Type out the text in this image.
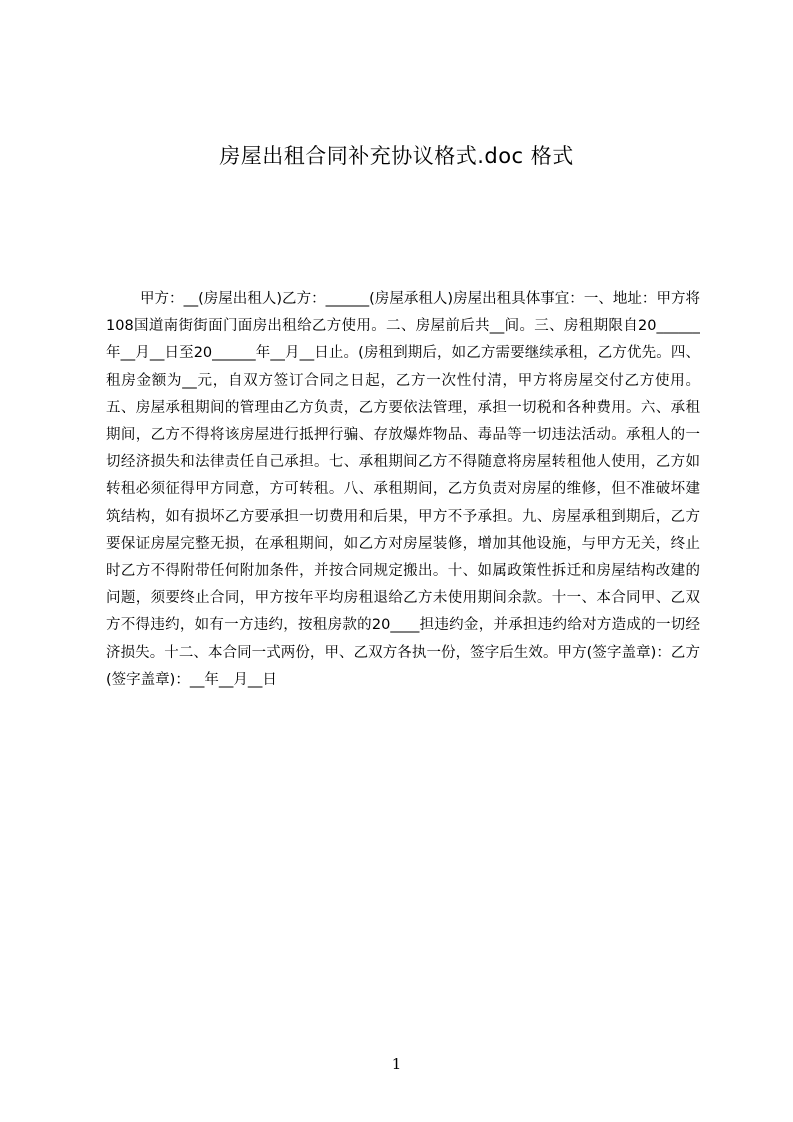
房屋出租合同补充协议格式.doc 格式

甲方：__(房屋出租人)乙方：______(房屋承租人)房屋出租具体事宜：一、地址：甲方将108国道南街街面门面房出租给乙方使用。二、房屋前后共__间。三、房租期限自20______年__月__日至20______年__月__日止。(房租到期后，如乙方需要继续承租，乙方优先。四、租房金额为__元，自双方签订合同之日起，乙方一次性付清，甲方将房屋交付乙方使用。五、房屋承租期间的管理由乙方负责，乙方要依法管理，承担一切税和各种费用。六、承租期间，乙方不得将该房屋进行抵押行骗、存放爆炸物品、毒品等一切违法活动。承租人的一切经济损失和法律责任自己承担。七、承租期间乙方不得随意将房屋转租他人使用，乙方如转租必须征得甲方同意，方可转租。八、承租期间，乙方负责对房屋的维修，但不准破坏建筑结构，如有损坏乙方要承担一切费用和后果，甲方不予承担。九、房屋承租到期后，乙方要保证房屋完整无损，在承租期间，如乙方对房屋装修，增加其他设施，与甲方无关，终止时乙方不得附带任何附加条件，并按合同规定搬出。十、如属政策性拆迁和房屋结构改建的问题，须要终止合同，甲方按年平均房租退给乙方未使用期间余款。十一、本合同甲、乙双方不得违约，如有一方违约，按租房款的20____担违约金，并承担违约给对方造成的一切经济损失。十二、本合同一式两份，甲、乙双方各执一份，签字后生效。甲方(签字盖章)：乙方(签字盖章)：__年__月__日

1
